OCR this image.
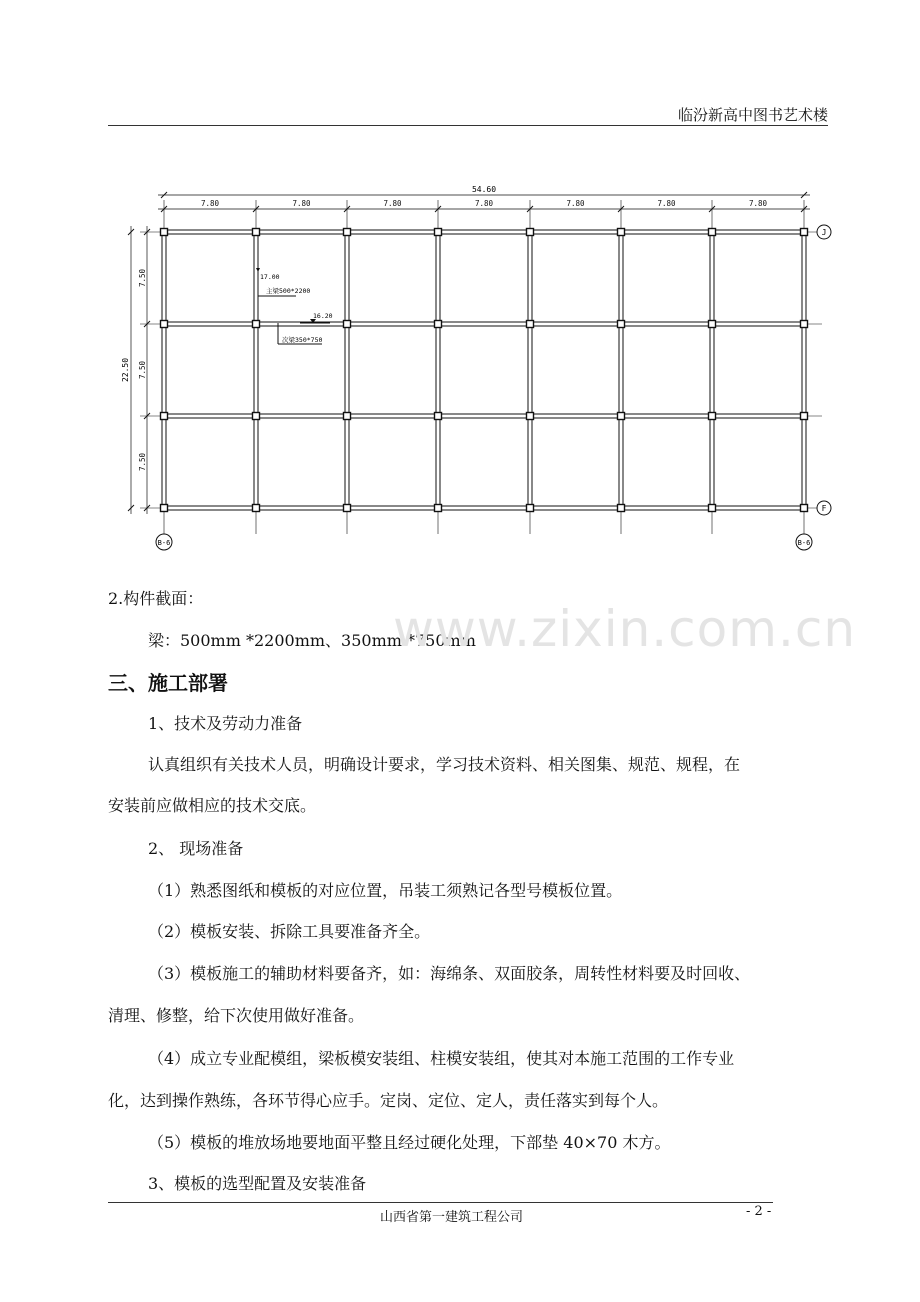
临汾新高中图书艺术楼
54.60
7.80	7.80	7.80	7.80	7.80	7.80	7.80
22.50
7.50
7.50
7.50
J
F
B-6	B-6
17.00
主梁500*2200
16.20
次梁350*750
2.构件截面：
梁：500mm *2200mm、350mm *750mm
www.zixin.com.cn
三、施工部署
1、技术及劳动力准备
认真组织有关技术人员，明确设计要求，学习技术资料、相关图集、规范、规程，在
安装前应做相应的技术交底。
2、 现场准备
（1）熟悉图纸和模板的对应位置，吊装工须熟记各型号模板位置。
（2）模板安装、拆除工具要准备齐全。
（3）模板施工的辅助材料要备齐，如：海绵条、双面胶条，周转性材料要及时回收、
清理、修整，给下次使用做好准备。
（4）成立专业配模组，梁板模安装组、柱模安装组，使其对本施工范围的工作专业
化，达到操作熟练，各环节得心应手。定岗、定位、定人，责任落实到每个人。
（5）模板的堆放场地要地面平整且经过硬化处理，下部垫 40×70 木方。
3、模板的选型配置及安装准备
山西省第一建筑工程公司	- 2 -
